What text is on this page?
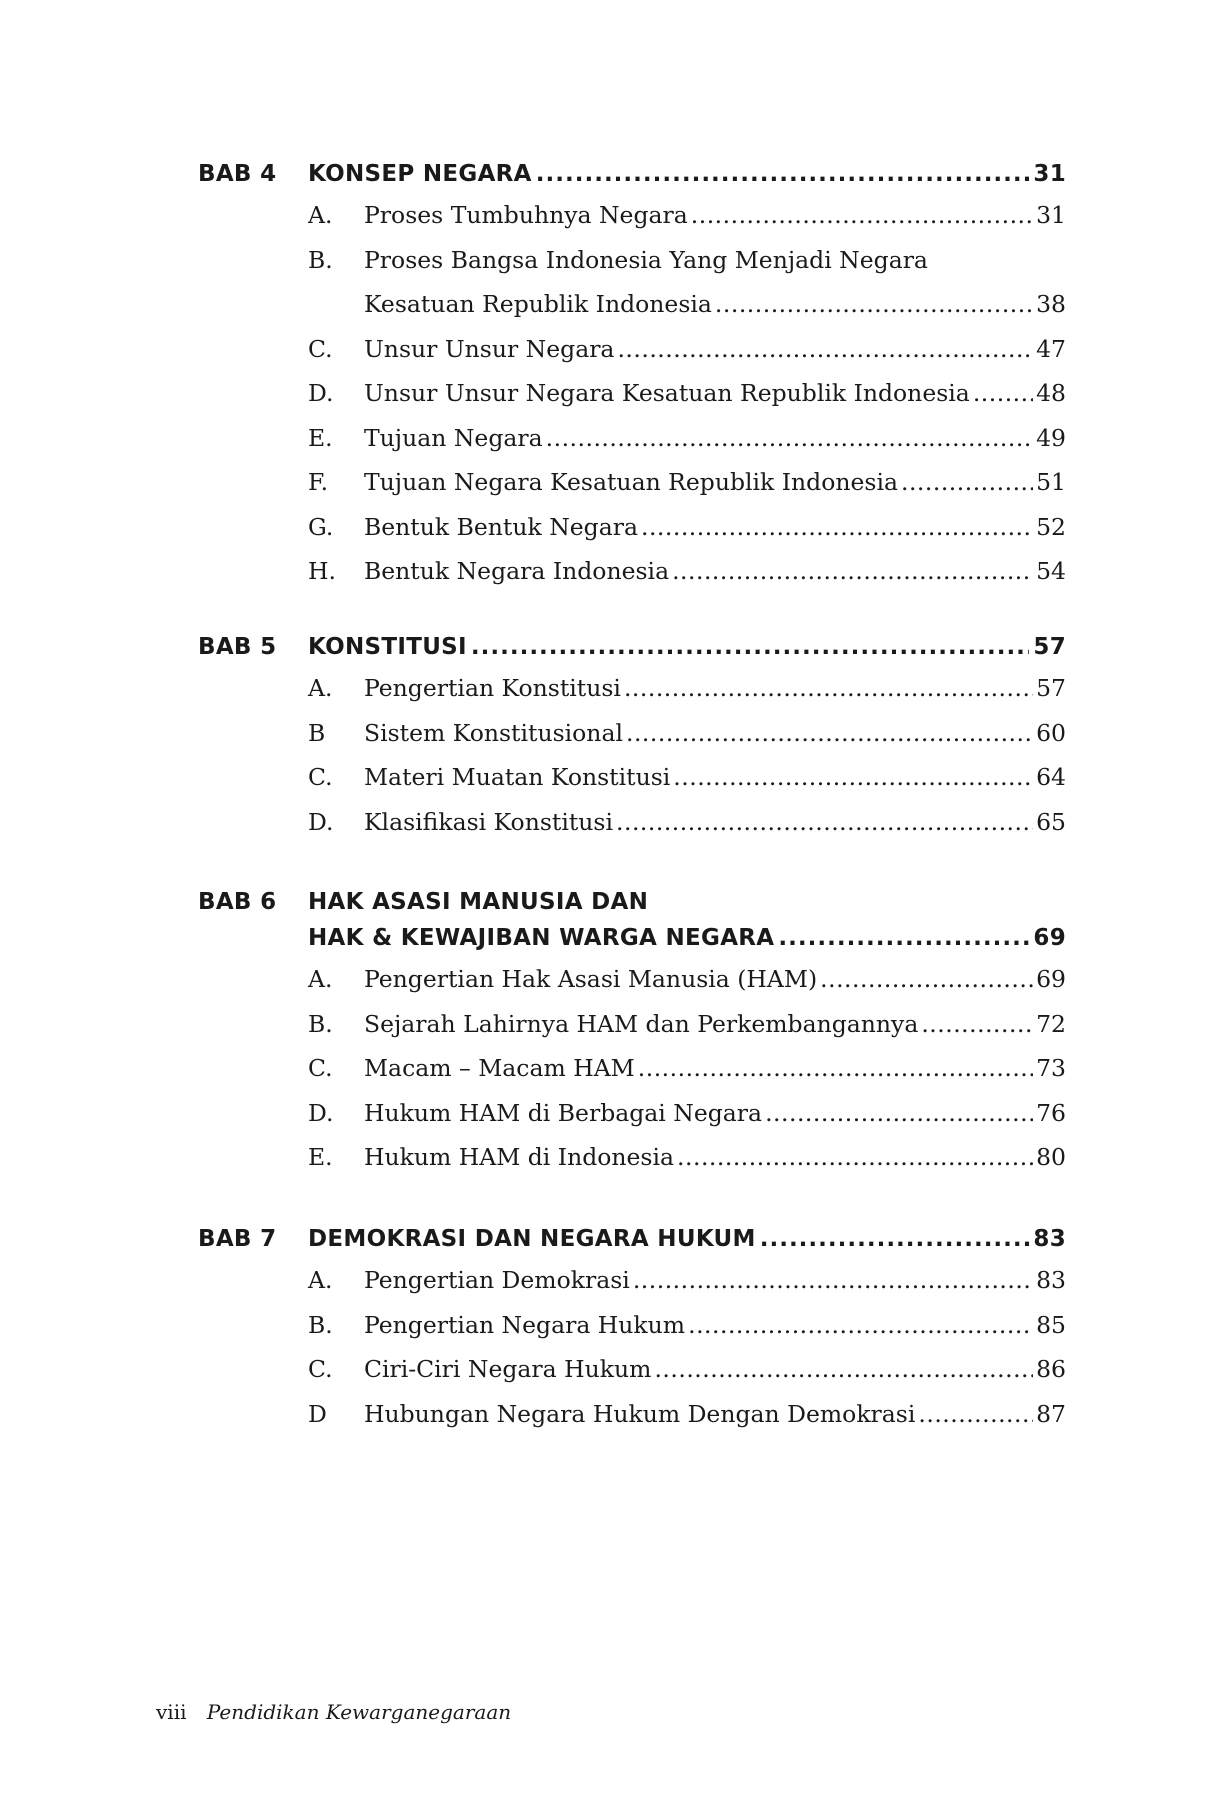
BAB 4 KONSEP NEGARA .....	31
A. Proses Tumbuhnya Negara .....	31
B. Proses Bangsa Indonesia Yang Menjadi Negara
Kesatuan Republik Indonesia .....	38
C. Unsur Unsur Negara .....	47
D. Unsur Unsur Negara Kesatuan Republik Indonesia .....	48
E. Tujuan Negara .....	49
F. Tujuan Negara Kesatuan Republik Indonesia .....	51
G. Bentuk Bentuk Negara .....	52
H. Bentuk Negara Indonesia .....	54
BAB 5 KONSTITUSI .....	57
A. Pengertian Konstitusi .....	57
B Sistem Konstitusional .....	60
C. Materi Muatan Konstitusi .....	64
D. Klasifikasi Konstitusi .....	65
BAB 6 HAK ASASI MANUSIA DAN
HAK & KEWAJIBAN WARGA NEGARA .....	69
A. Pengertian Hak Asasi Manusia (HAM) .....	69
B. Sejarah Lahirnya HAM dan Perkembangannya .....	72
C. Macam – Macam HAM .....	73
D. Hukum HAM di Berbagai Negara .....	76
E. Hukum HAM di Indonesia .....	80
BAB 7 DEMOKRASI DAN NEGARA HUKUM .....	83
A. Pengertian Demokrasi .....	83
B. Pengertian Negara Hukum .....	85
C. Ciri-Ciri Negara Hukum .....	86
D Hubungan Negara Hukum Dengan Demokrasi .....	87
viii Pendidikan Kewarganegaraan
